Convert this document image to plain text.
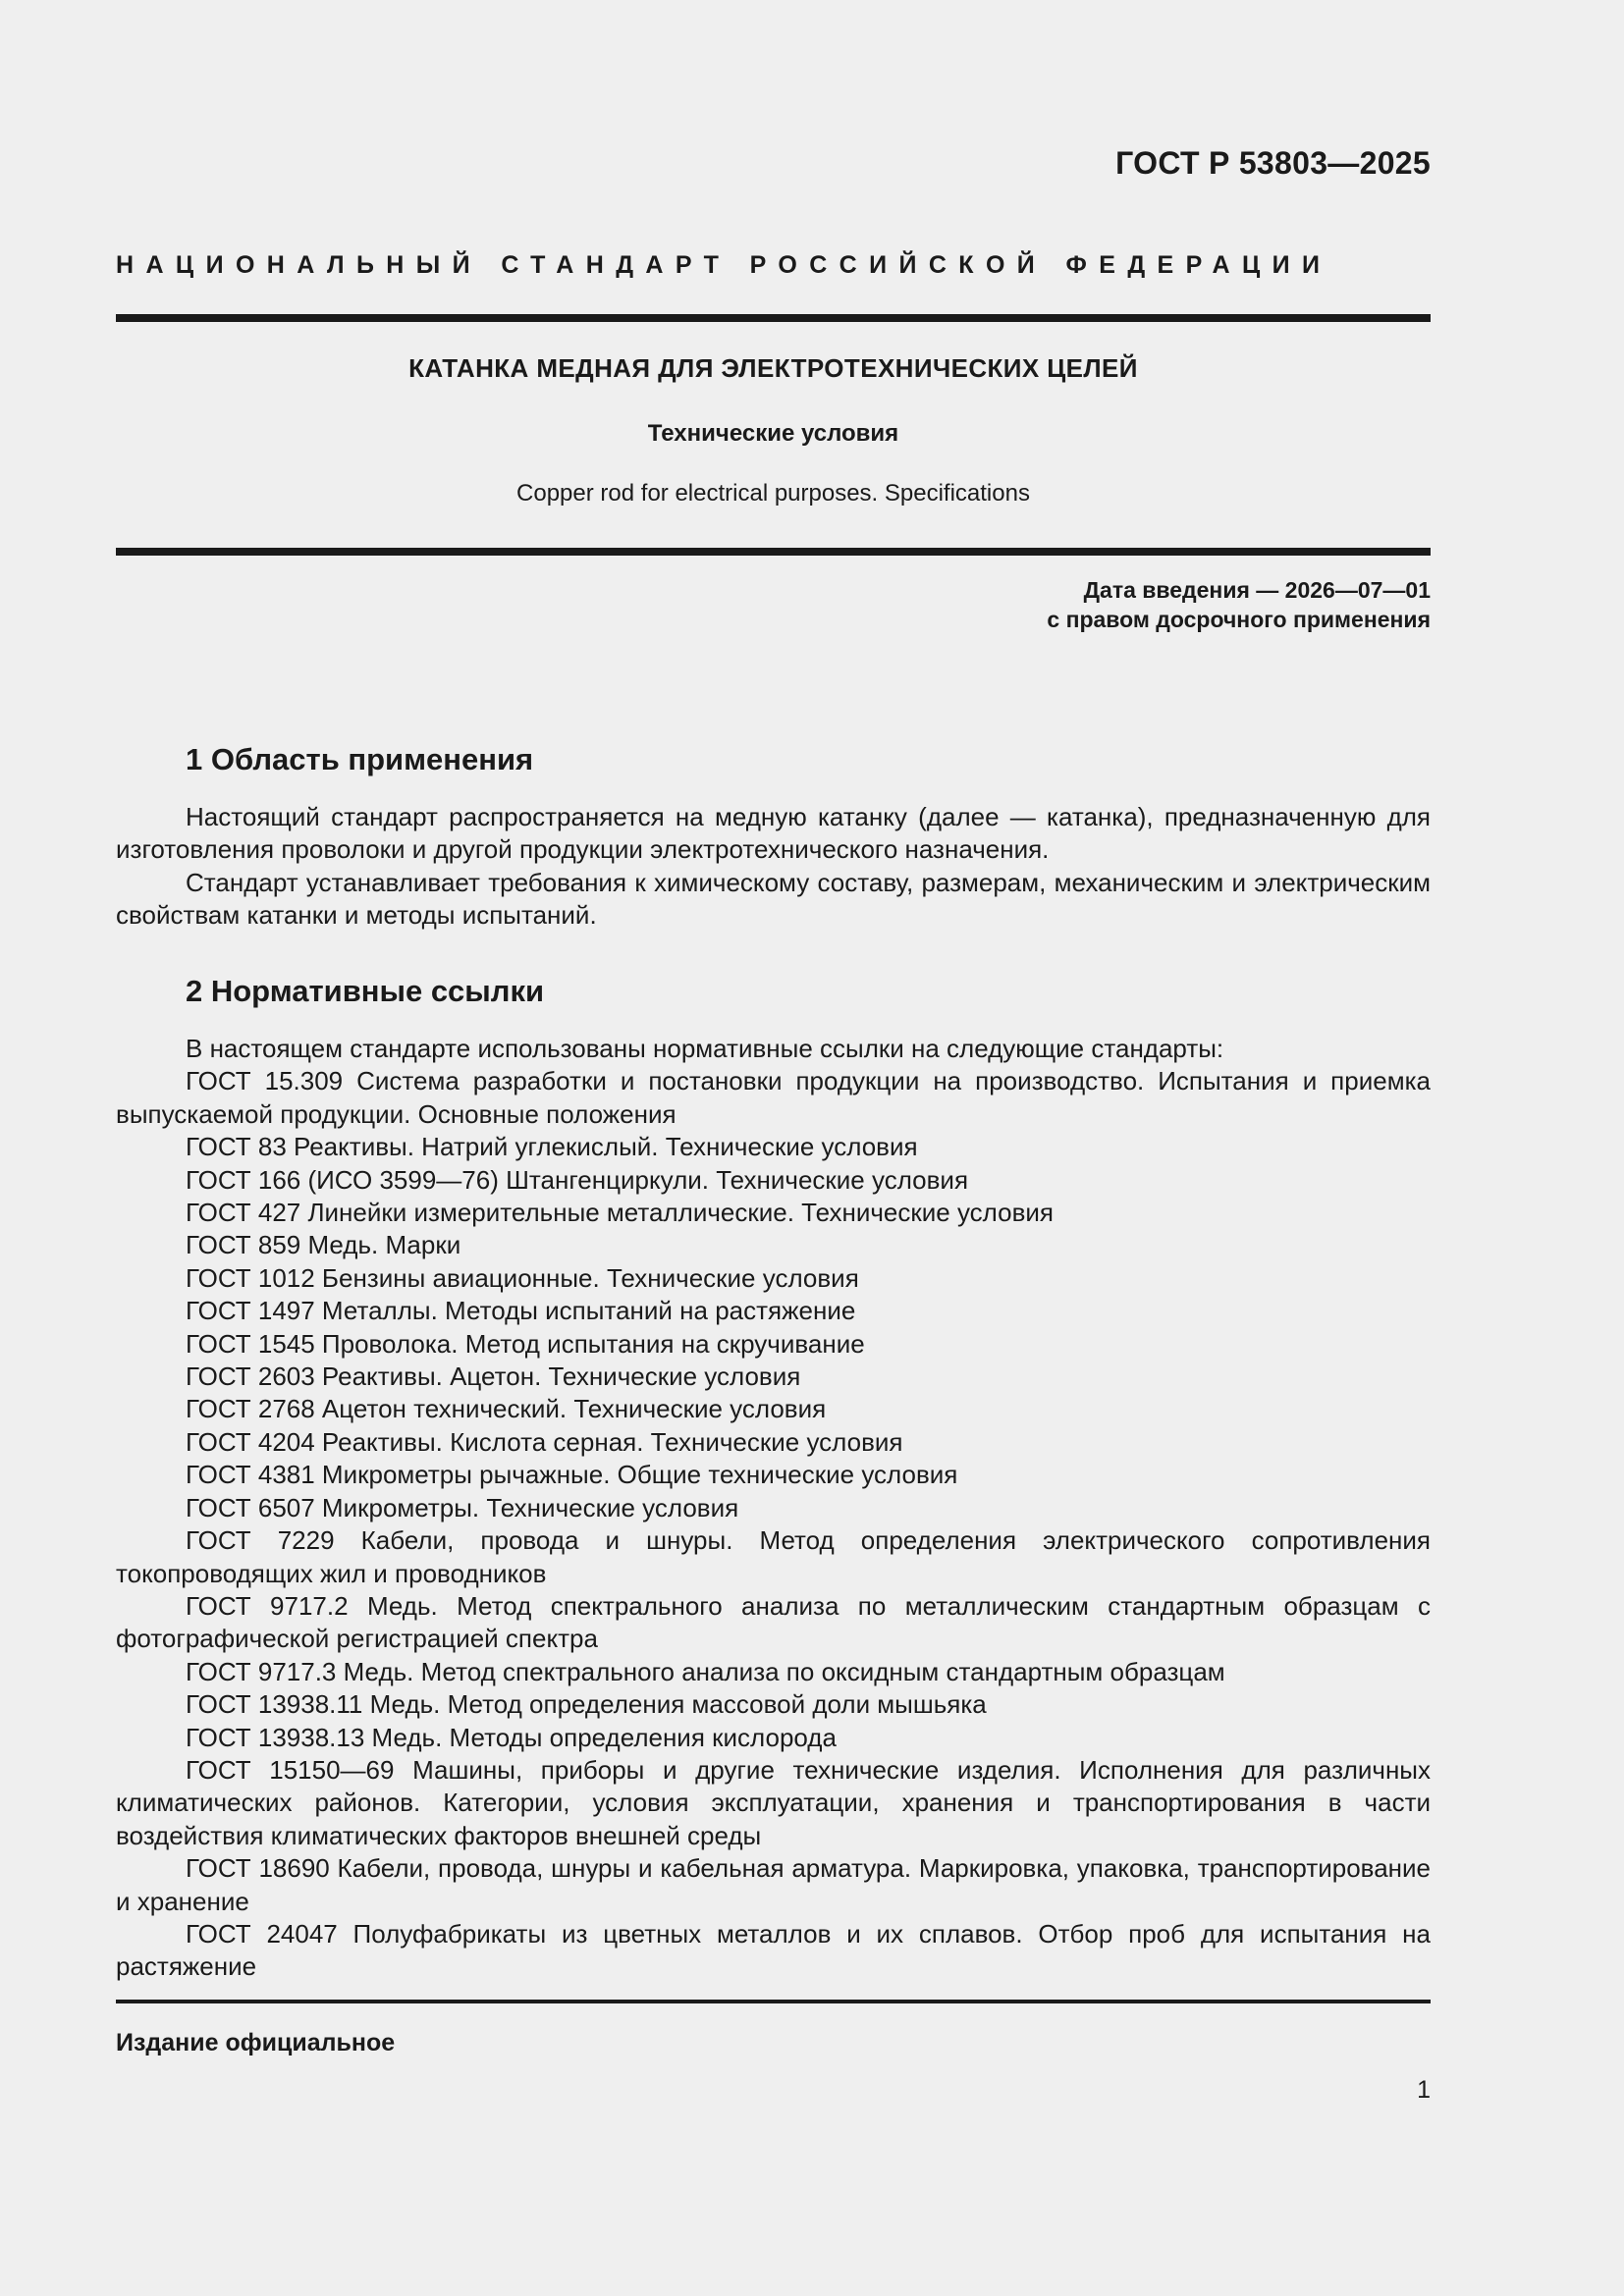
ГОСТ Р 53803—2025
НАЦИОНАЛЬНЫЙ СТАНДАРТ РОССИЙСКОЙ ФЕДЕРАЦИИ
КАТАНКА МЕДНАЯ ДЛЯ ЭЛЕКТРОТЕХНИЧЕСКИХ ЦЕЛЕЙ
Технические условия
Copper rod for electrical purposes. Specifications
Дата введения — 2026—07—01
с правом досрочного применения
1 Область применения

Настоящий стандарт распространяется на медную катанку (далее — катанка), предназначенную для изготовления проволоки и другой продукции электротехнического назначения.

Стандарт устанавливает требования к химическому составу, размерам, механическим и электрическим свойствам катанки и методы испытаний.

2 Нормативные ссылки

В настоящем стандарте использованы нормативные ссылки на следующие стандарты:

ГОСТ 15.309 Система разработки и постановки продукции на производство. Испытания и приемка выпускаемой продукции. Основные положения

ГОСТ 83 Реактивы. Натрий углекислый. Технические условия

ГОСТ 166 (ИСО 3599—76) Штангенциркули. Технические условия

ГОСТ 427 Линейки измерительные металлические. Технические условия

ГОСТ 859 Медь. Марки

ГОСТ 1012 Бензины авиационные. Технические условия

ГОСТ 1497 Металлы. Методы испытаний на растяжение

ГОСТ 1545 Проволока. Метод испытания на скручивание

ГОСТ 2603 Реактивы. Ацетон. Технические условия

ГОСТ 2768 Ацетон технический. Технические условия

ГОСТ 4204 Реактивы. Кислота серная. Технические условия

ГОСТ 4381 Микрометры рычажные. Общие технические условия

ГОСТ 6507 Микрометры. Технические условия

ГОСТ 7229 Кабели, провода и шнуры. Метод определения электрического сопротивления токопроводящих жил и проводников

ГОСТ 9717.2 Медь. Метод спектрального анализа по металлическим стандартным образцам с фотографической регистрацией спектра

ГОСТ 9717.3 Медь. Метод спектрального анализа по оксидным стандартным образцам

ГОСТ 13938.11 Медь. Метод определения массовой доли мышьяка

ГОСТ 13938.13 Медь. Методы определения кислорода

ГОСТ 15150—69 Машины, приборы и другие технические изделия. Исполнения для различных климатических районов. Категории, условия эксплуатации, хранения и транспортирования в части воздействия климатических факторов внешней среды

ГОСТ 18690 Кабели, провода, шнуры и кабельная арматура. Маркировка, упаковка, транспортирование и хранение

ГОСТ 24047 Полуфабрикаты из цветных металлов и их сплавов. Отбор проб для испытания на растяжение

Издание официальное
1
